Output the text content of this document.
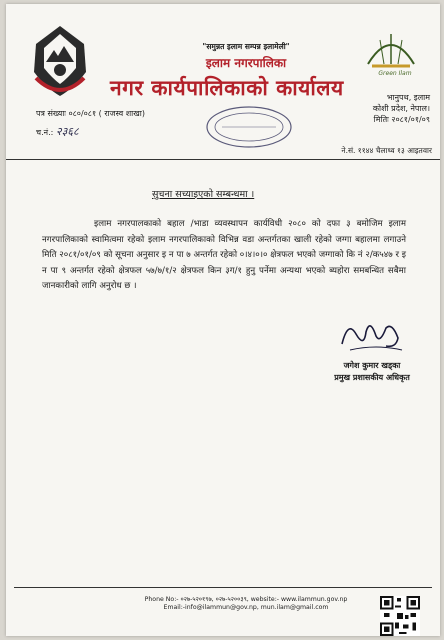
"समुन्नत इलाम सम्पन्न इलामेली"
इलाम नगरपालिका
नगर कार्यपालिकाको कार्यालय
Green Ilam
पत्र संख्याः ०८०/०८१ ( राजस्व शाखा)
च.नं.: २३६८
भानुपथ, इलाम
कोशी प्रदेश, नेपाल।
मितिः २०८१/०१/०९
ने.सं. ११४४ चैलाथ्व १३ आइतवार
सुचना सच्याइएको सम्बन्धमा ।

इलाम नगरपालकाको बहाल /भाडा व्यवस्थापन कार्यविधी २०८० को दफा ३ बमोजिम इलाम नगरपालिकाको स्वामित्वमा रहेको इलाम नगरपालिकाको विभिन्न वडा अन्तर्गतका खाली रहेको जग्गा बहालमा लगाउने मिति २०८१/०१/०९ को सूचना अनुसार इ न पा ७ अन्तर्गत रहेको ०।४।०।० क्षेत्रफल भएको जग्गाको कि नं २/क५४७ र इ न पा ९ अन्तर्गत रहेको क्षेत्रफल ५७/७/१/२ क्षेत्रफल किन ३ग/१ हुनु पर्नेमा अन्यथा भएको ब्यहोरा समबन्धित सबैमा जानकारीको लागि अनुरोध छ ।

जगेश कुमार खड्का
प्रमुख प्रशासकीय अधिकृत
Phone No:- ०२७-५२०१९७, ०२७-५२००३९, website:- www.ilammun.gov.np
Email:-info@ilammun@gov.np, mun.ilam@gmail.com
